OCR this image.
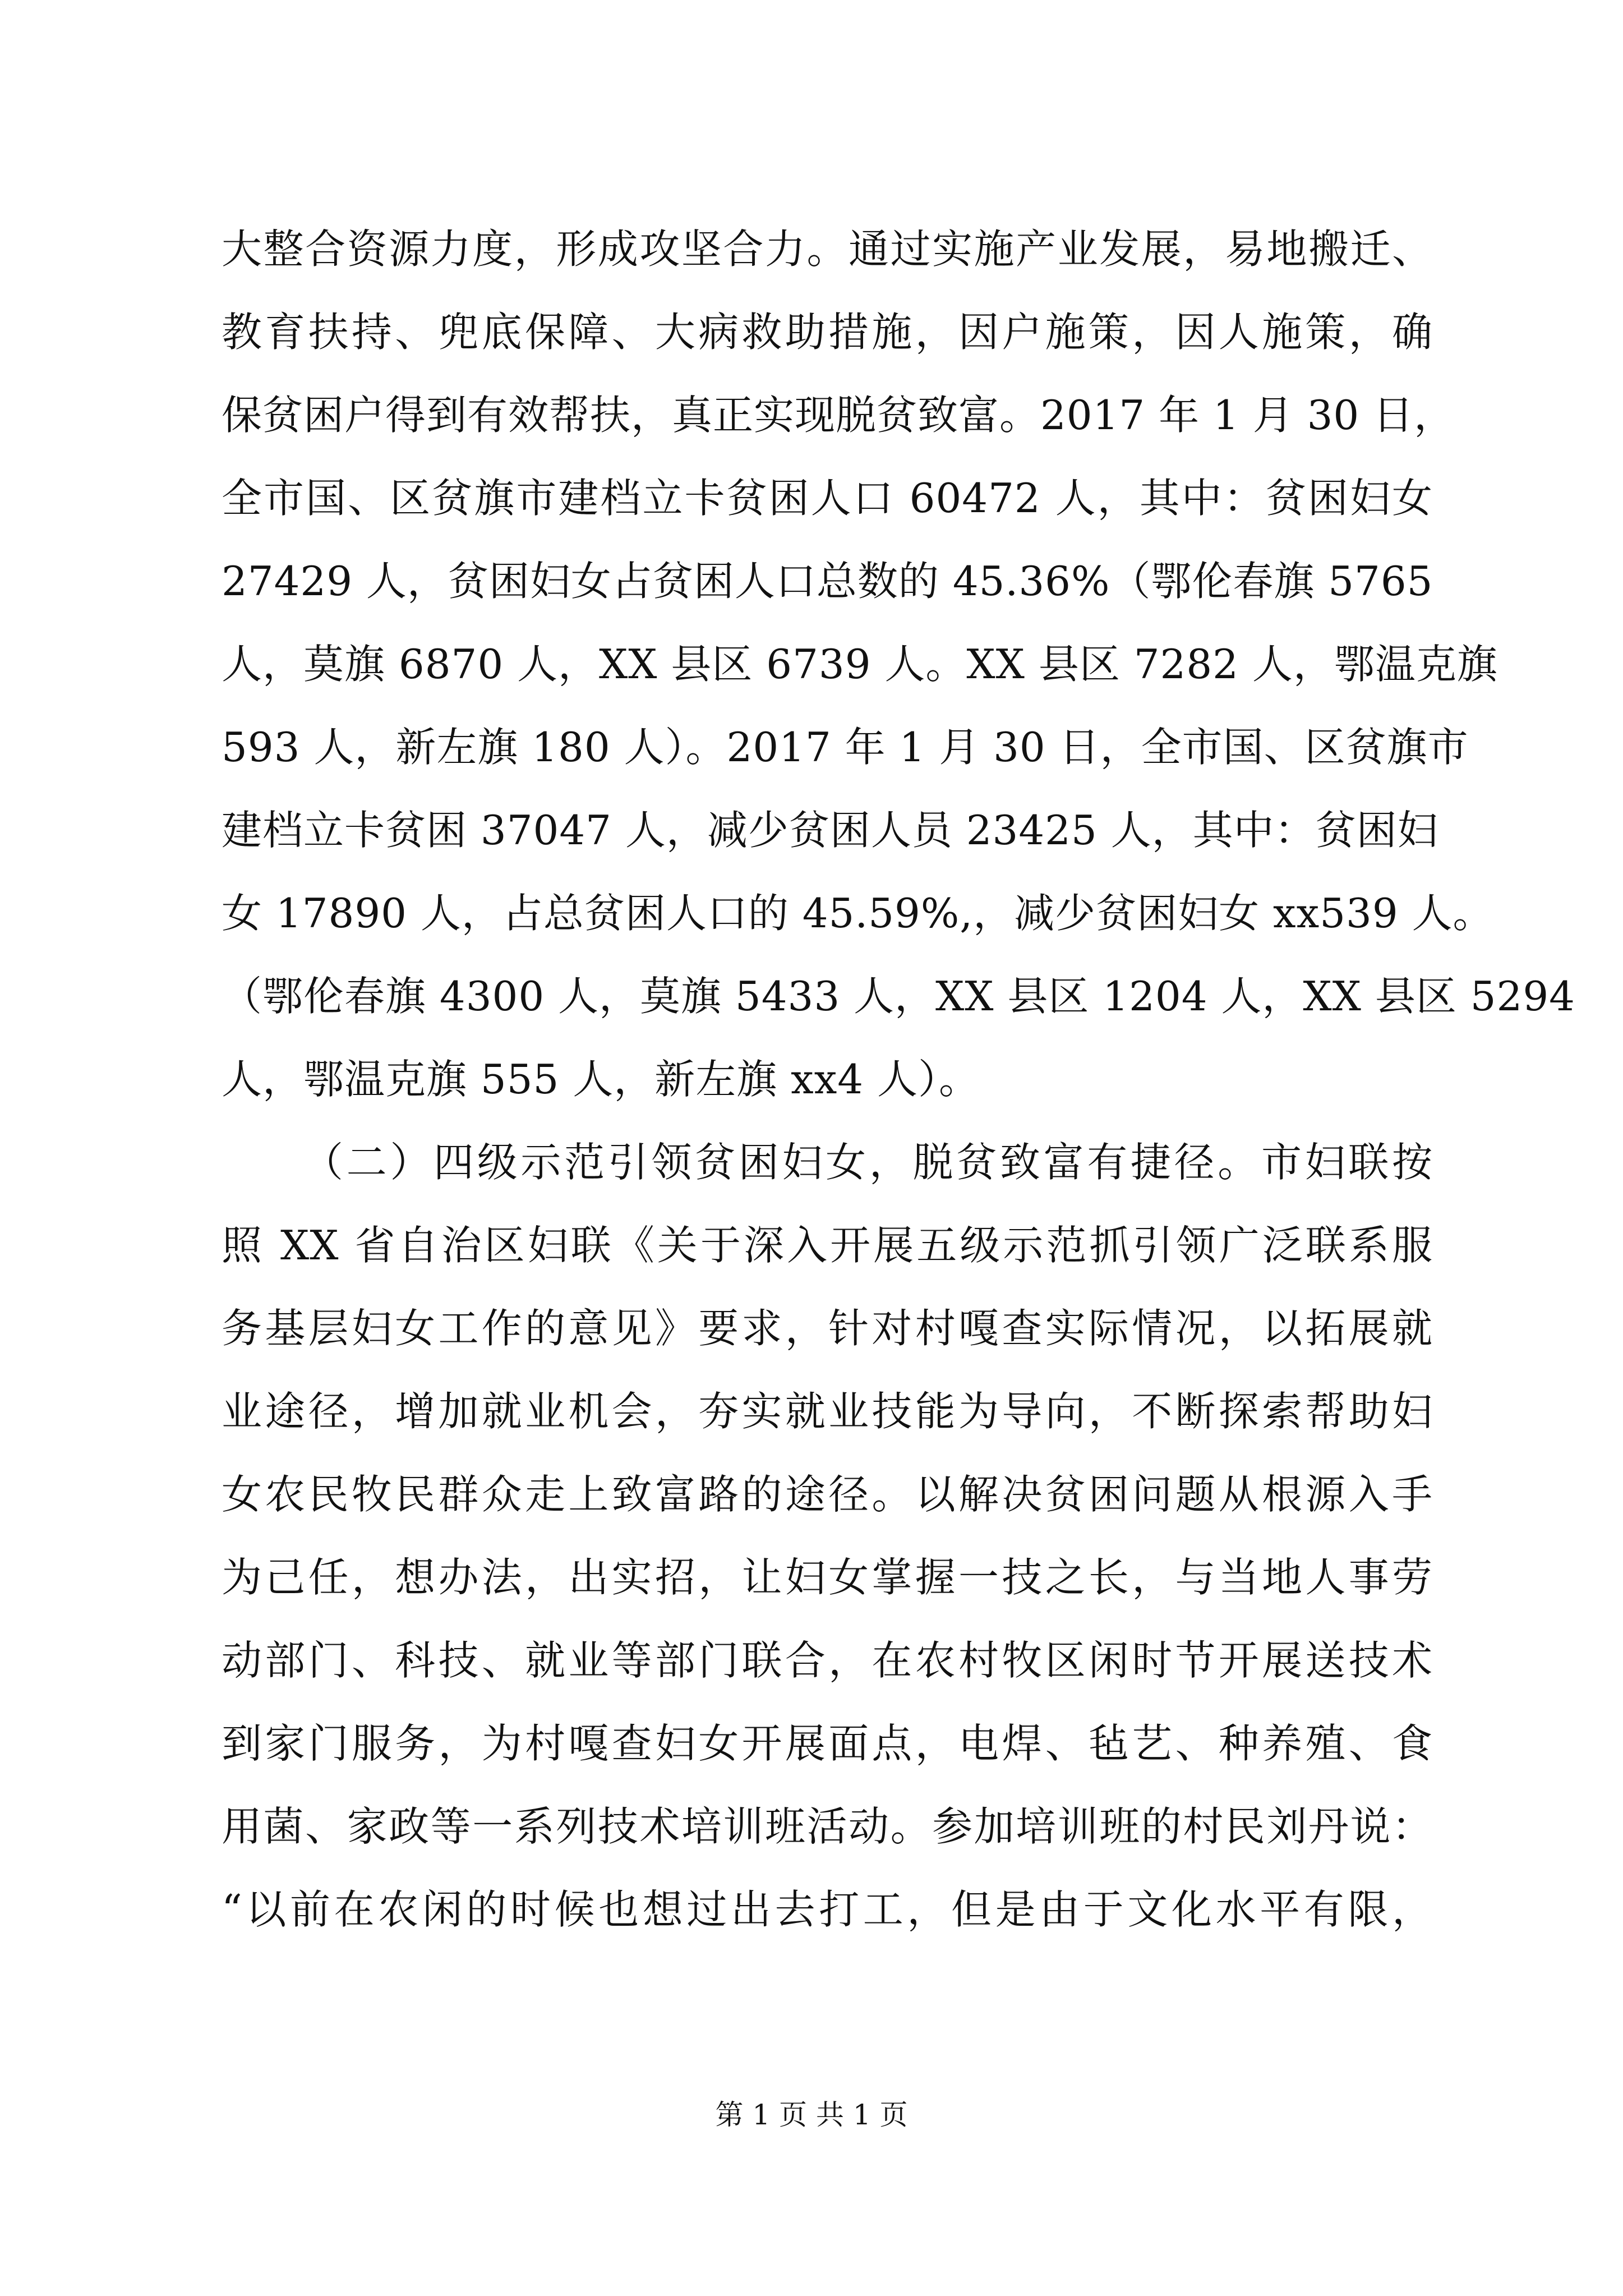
大整合资源力度，形成攻坚合力。通过实施产业发展，易地搬迁、
教育扶持、兜底保障、大病救助措施，因户施策，因人施策，确
保贫困户得到有效帮扶，真正实现脱贫致富。2017 年 1 月 30 日，
全市国、区贫旗市建档立卡贫困人口 60472 人，其中：贫困妇女
27429 人，贫困妇女占贫困人口总数的 45.36%（鄂伦春旗 5765
人，莫旗 6870 人，XX 县区 6739 人。XX 县区 7282 人，鄂温克旗
593 人，新左旗 180 人）。2017 年 1 月 30 日，全市国、区贫旗市
建档立卡贫困 37047 人，减少贫困人员 23425 人，其中：贫困妇
女 17890 人，占总贫困人口的 45.59%,，减少贫困妇女 xx539 人。
（鄂伦春旗 4300 人，莫旗 5433 人，XX 县区 1204 人，XX 县区 5294
人，鄂温克旗 555 人，新左旗 xx4 人）。
（二）四级示范引领贫困妇女，脱贫致富有捷径。市妇联按
照 XX 省自治区妇联《关于深入开展五级示范抓引领广泛联系服
务基层妇女工作的意见》要求，针对村嘎查实际情况，以拓展就
业途径，增加就业机会，夯实就业技能为导向，不断探索帮助妇
女农民牧民群众走上致富路的途径。以解决贫困问题从根源入手
为己任，想办法，出实招，让妇女掌握一技之长，与当地人事劳
动部门、科技、就业等部门联合，在农村牧区闲时节开展送技术
到家门服务，为村嘎查妇女开展面点，电焊、毡艺、种养殖、食
用菌、家政等一系列技术培训班活动。参加培训班的村民刘丹说：
“以前在农闲的时候也想过出去打工，但是由于文化水平有限，
第 1 页 共 1 页
